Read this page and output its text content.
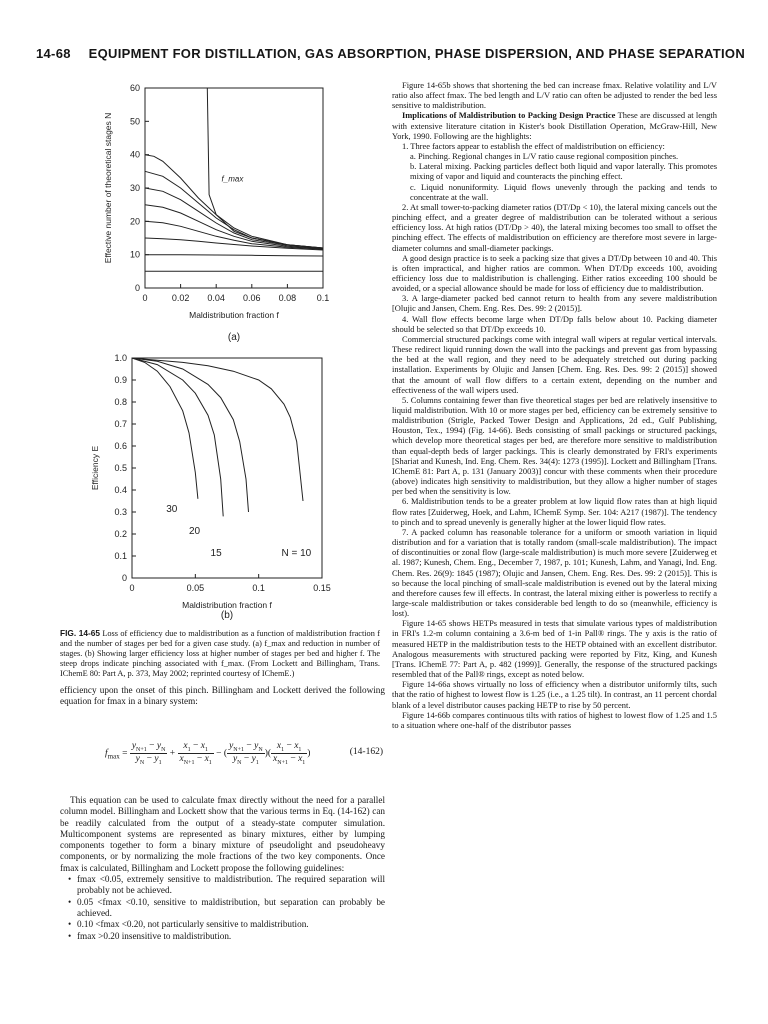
14-68 EQUIPMENT FOR DISTILLATION, GAS ABSORPTION, PHASE DISPERSION, AND PHASE SEPARATION
0	0.02 0.04 0.06 0.08 0.1
0
10
20
30
40
50
60
Maldistribution fraction f
Effective number of theoretical stages N	f_max
(a)
0	0.05	0.1	0.15
0
0.1
0.2
0.3
0.4
0.5
0.6
0.7
0.8
0.9
1.0
Maldistribution fraction f
Efficiency E
N = 10
15
20
30
(b)
FIG. 14-65 Loss of efficiency due to maldistribution as a function of maldistribution fraction f and the number of stages per bed for a given case study. (a) f_max and reduction in number of stages. (b) Showing larger efficiency loss at higher number of stages per bed and higher f. The steep drops indicate pinching associated with f_max. (From Lockett and Billingham, Trans. IChemE 80: Part A, p. 373, May 2002; reprinted courtesy of IChemE.)
efficiency upon the onset of this pinch. Billingham and Lockett derived the following equation for fmax in a binary system:
$f_{max} = \frac{y_{N+1} - y_N}{y_N - y_1} + \frac{x_1 - x_1}{x_{N+1} - x_1}$ − ( $\frac{y_{N+1} - y_N}{y_N - y_1}$ )( $\frac{x_1 - x_1}{x_{N+1} - x_1}$ )	(14-162)
This equation can be used to calculate fmax directly without the need for a parallel column model. Billingham and Lockett show that the various terms in Eq. (14-162) can be readily calculated from the output of a steady-state computer simulation. Multicomponent systems are represented as binary mixtures, either by lumping components together to form a binary mixture of pseudolight and pseudoheavy components, or by normalizing the mole fractions of the two key components. Once fmax is calculated, Billingham and Lockett propose the following guidelines:
• fmax <0.05, extremely sensitive to maldistribution. The required separation will probably not be achieved.
• 0.05 <fmax <0.10, sensitive to maldistribution, but separation can probably be achieved.
• 0.10 <fmax <0.20, not particularly sensitive to maldistribution.
• fmax >0.20 insensitive to maldistribution.

Figure 14-65b shows that shortening the bed can increase fmax. Relative volatility and L/V ratio also affect fmax. The bed length and L/V ratio can often be adjusted to render the bed less sensitive to maldistribution.

Implications of Maldistribution to Packing Design Practice These are discussed at length with extensive literature citation in Kister's book Distillation Operation, McGraw-Hill, New York, 1990. Following are the highlights:

1. Three factors appear to establish the effect of maldistribution on efficiency:

a. Pinching. Regional changes in L/V ratio cause regional composition pinches.

b. Lateral mixing. Packing particles deflect both liquid and vapor laterally. This promotes mixing of vapor and liquid and counteracts the pinching effect.

c. Liquid nonuniformity. Liquid flows unevenly through the packing and tends to concentrate at the wall.

2. At small tower-to-packing diameter ratios (DT/Dp < 10), the lateral mixing cancels out the pinching effect, and a greater degree of maldistribution can be tolerated without a serious efficiency loss. At high ratios (DT/Dp > 40), the lateral mixing becomes too small to offset the pinching effect. The effects of maldistribution on efficiency are therefore most severe in large-diameter columns and small-diameter packings.

A good design practice is to seek a packing size that gives a DT/Dp between 10 and 40. This is often impractical, and higher ratios are common. When DT/Dp exceeds 100, avoiding efficiency loss due to maldistribution is challenging. Either ratios exceeding 100 should be avoided, or a special allowance should be made for loss of efficiency due to maldistribution.

3. A large-diameter packed bed cannot return to health from any severe maldistribution [Olujic and Jansen, Chem. Eng. Res. Des. 99: 2 (2015)].

4. Wall flow effects become large when DT/Dp falls below about 10. Packing diameter should be selected so that DT/Dp exceeds 10.

Commercial structured packings come with integral wall wipers at regular vertical intervals. These redirect liquid running down the wall into the packings and prevent gas from bypassing the bed at the wall region, and they need to be adequately stretched out during packing installation. Experiments by Olujic and Jansen [Chem. Eng. Res. Des. 99: 2 (2015)] showed that the amount of wall flow differs to a certain extent, depending on the number and effectiveness of the wall wipers used.

5. Columns containing fewer than five theoretical stages per bed are relatively insensitive to liquid maldistribution. With 10 or more stages per bed, efficiency can be extremely sensitive to maldistribution (Strigle, Packed Tower Design and Applications, 2d ed., Gulf Publishing, Houston, Tex., 1994) (Fig. 14-66). Beds consisting of small packings or structured packings, which develop more theoretical stages per bed, are therefore more sensitive to maldistribution than equal-depth beds of larger packings. This is clearly demonstrated by FRI's experiments [Shariat and Kunesh, Ind. Eng. Chem. Res. 34(4): 1273 (1995)]. Lockett and Billingham [Trans. IChemE 81: Part A, p. 131 (January 2003)] concur with these comments when their procedure (above) indicates high sensitivity to maldistribution, but they allow a higher number of stages per bed when the sensitivity is low.

6. Maldistribution tends to be a greater problem at low liquid flow rates than at high liquid flow rates [Zuiderweg, Hoek, and Lahm, IChemE Symp. Ser. 104: A217 (1987)]. The tendency to pinch and to spread unevenly is generally higher at the lower liquid flow rates.

7. A packed column has reasonable tolerance for a uniform or smooth variation in liquid distribution and for a variation that is totally random (small-scale maldistribution). The impact of discontinuities or zonal flow (large-scale maldistribution) is much more severe [Zuiderweg et al. 1987; Kunesh, Chem. Eng., December 7, 1987, p. 101; Kunesh, Lahm, and Yanagi, Ind. Eng. Chem. Res. 26(9): 1845 (1987); Olujic and Jansen, Chem. Eng. Res. Des. 99: 2 (2015)]. This is so because the local pinching of small-scale maldistribution is evened out by the lateral mixing and therefore causes few ill effects. In contrast, the lateral mixing either is powerless to rectify a large-scale maldistribution or takes considerable bed length to do so (meanwhile, efficiency is lost).

Figure 14-65 shows HETPs measured in tests that simulate various types of maldistribution in FRI's 1.2-m column containing a 3.6-m bed of 1-in Pall® rings. The y axis is the ratio of measured HETP in the maldistribution tests to the HETP obtained with an excellent distributor. Analogous measurements with structured packing were reported by Fitz, King, and Kunesh [Trans. IChemE 77: Part A, p. 482 (1999)]. Generally, the response of the structured packings resembled that of the Pall® rings, except as noted below.

Figure 14-66a shows virtually no loss of efficiency when a distributor uniformly tilts, such that the ratio of highest to lowest flow is 1.25 (i.e., a 1.25 tilt). In contrast, an 11 percent chordal blank of a level distributor causes packing HETP to rise by 50 percent.

Figure 14-66b compares continuous tilts with ratios of highest to lowest flow of 1.25 and 1.5 to a situation where one-half of the distributor passes
